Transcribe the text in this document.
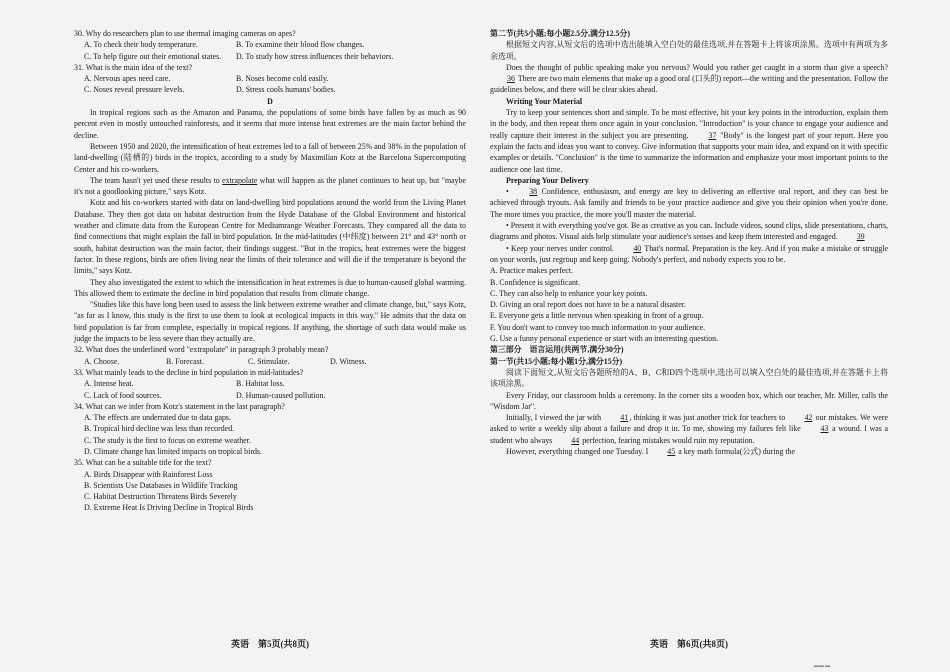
30. Why do researchers plan to use thermal imaging cameras on apes?

A. To check their body temperature.	B. To examine their blood flow changes.
C. To help figure out their emotional states.	D. To study how stress influences their behaviors.

31. What is the main idea of the text?

A. Nervous apes need care.	B. Noses become cold easily.
C. Noses reveal pressure levels.	D. Stress cools humans' bodies.

D

In tropical regions such as the Amazon and Panama, the populations of some birds have fallen by as much as 90 percent even in mostly untouched rainforests, and it seems that more intense heat extremes are the main factor behind the decline.

Between 1950 and 2020, the intensification of heat extremes led to a fall of between 25% and 38% in the population of land-dwelling (陆栖的) birds in the tropics, according to a study by Maximilian Kotz at the Barcelona Supercomputing Center and his co-workers.

The team hasn't yet used these results to extrapolate what will happen as the planet continues to heat up, but "maybe it's not a goodlooking picture," says Kotz.

Kotz and his co-workers started with data on land-dwelling bird populations around the world from the Living Planet Database. They then got data on habitat destruction from the Hyde Database of the Global Environment and historical weather and climate data from the European Centre for Mediumrange Weather Forecasts. They compared all the data to find connections that might explain the fall in bird population. In the mid-latitudes (中纬度) between 21° and 43° north or south, habitat destruction was the main factor, their findings suggest. "But in the tropics, heat extremes were the biggest factor. In these regions, birds are often living near the limits of their tolerance and will die if the temperature is beyond the limits," says Kotz.

They also investigated the extent to which the intensification in heat extremes is due to human-caused global warming. This allowed them to estimate the decline in bird population that results from climate change.

"Studies like this have long been used to assess the link between extreme weather and climate change, but," says Kotz, "as far as I know, this study is the first to use them to look at ecological impacts in this way." He admits that the data on bird population is far from complete, especially in tropical regions. If anything, the shortage of such data would make us judge the impacts to be less severe than they actually are.

32. What does the underlined word "extrapolate" in paragraph 3 probably mean?

A. Choose.	B. Forecast.	C. Stimulate.	D. Witness.

33. What mainly leads to the decline in bird population in mid-latitudes?

A. Intense heat.	B. Habitat loss.
C. Lack of food sources.	D. Human-caused pollution.

34. What can we infer from Kotz's statement in the last paragraph?

A. The effects are underrated due to data gaps.

B. Tropical bird decline was less than recorded.

C. The study is the first to focus on extreme weather.

D. Climate change has limited impacts on tropical birds.

35. What can be a suitable title for the text?

A. Birds Disappear with Rainforest Loss

B. Scientists Use Databases in Wildlife Tracking

C. Habitat Destruction Threatens Birds Severely

D. Extreme Heat Is Driving Decline in Tropical Birds

英语　第5页(共8页)

第二节(共5小题;每小题2.5分,满分12.5分)

根据短文内容,从短文后的选项中选出能填入空白处的最佳选项,并在答题卡上将该项涂黑。选项中有两项为多余选项。

Does the thought of public speaking make you nervous? Would you rather get caught in a storm than give a speech? 36 There are two main elements that make up a good oral (口头的) report—the writing and the presentation. Follow the guidelines below, and there will be clear skies ahead.

Writing Your Material

Try to keep your sentences short and simple. To be most effective, hit your key points in the introduction, explain them in the body, and then repeat them once again in your conclusion. "Introduction" is your chance to engage your audience and really capture their interest in the subject you are presenting.	37 "Body" is the longest part of your report. Here you explain the facts and ideas you want to convey. Give information that supports your main idea, and expand on it with specific examples or details. "Conclusion" is the time to summarize the information and emphasize your most important points to the audience one last time.

Preparing Your Delivery

•	38 Confidence, enthusiasm, and energy are key to delivering an effective oral report, and they can best be achieved through tryouts. Ask family and friends to be your practice audience and give you their opinion when you're done. The more times you practice, the more you'll master the material.

• Present it with everything you've got. Be as creative as you can. Include videos, sound clips, slide presentations, charts, diagrams and photos. Visual aids help stimulate your audience's senses and keep them interested and engaged. 39

• Keep your nerves under control. 40 That's normal. Preparation is the key. And if you make a mistake or struggle on your words, just regroup and keep going. Nobody's perfect, and nobody expects you to be.

A. Practice makes perfect.

B. Confidence is significant.

C. They can also help to enhance your key points.

D. Giving an oral report does not have to be a natural disaster.

E. Everyone gets a little nervous when speaking in front of a group.

F. You don't want to convey too much information to your audience.

G. Use a funny personal experience or start with an interesting question.

第三部分　语言运用(共两节,满分30分)

第一节(共15小题;每小题1分,满分15分)

阅读下面短文,从短文后各题所给的A、B、C和D四个选项中,选出可以填入空白处的最佳选项,并在答题卡上将该项涂黑。

Every Friday, our classroom holds a ceremony. In the corner sits a wooden box, which our teacher, Mr. Miller, calls the "Wisdom Jar".

Initially, I viewed the jar with 41, thinking it was just another trick for teachers to 42 our mistakes. We were asked to write a weekly slip about a failure and drop it in. To me, showing my failures felt like 43 a wound. I was a student who always 44 perfection, fearing mistakes would ruin my reputation.

However, everything changed one Tuesday. I 45 a key math formula(公式) during the

英语　第6页(共8页)
▬▬ ▬
